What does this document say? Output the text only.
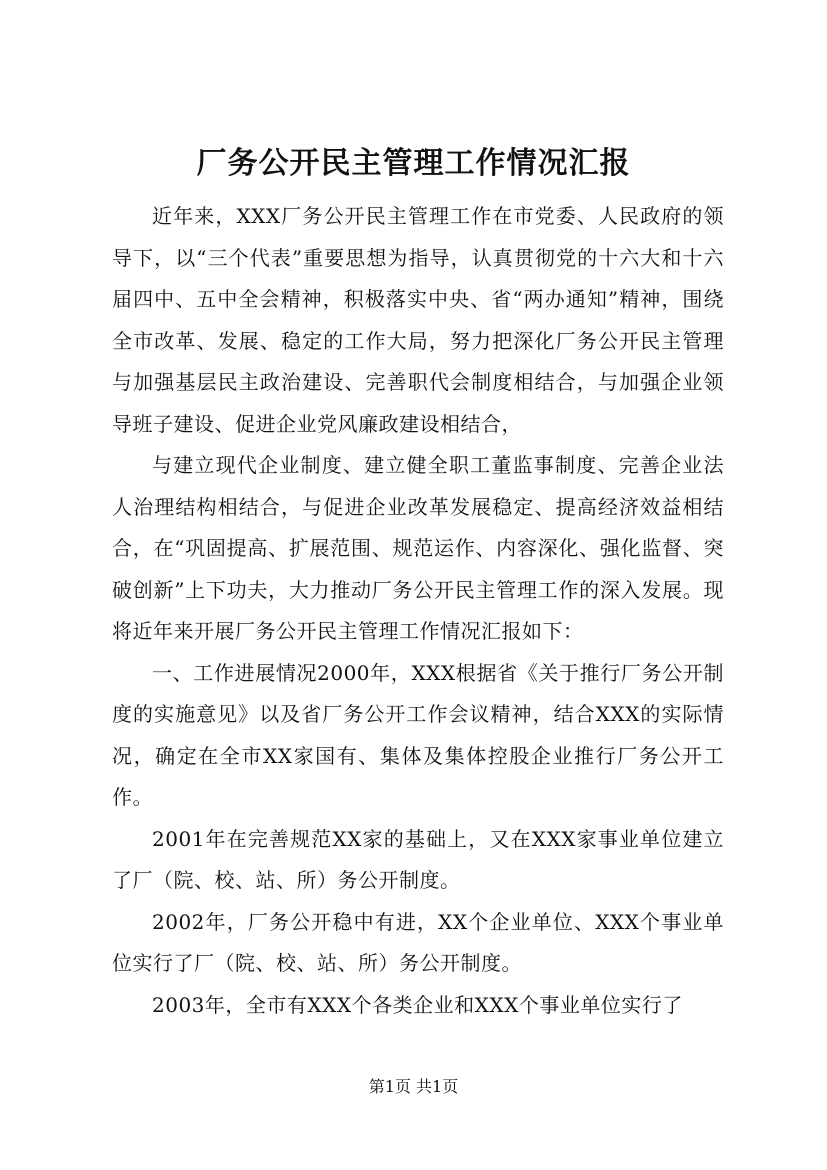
厂务公开民主管理工作情况汇报

近年来，XXX厂务公开民主管理工作在市党委、人民政府的领导下，以“三个代表”重要思想为指导，认真贯彻党的十六大和十六届四中、五中全会精神，积极落实中央、省“两办通知”精神，围绕全市改革、发展、稳定的工作大局，努力把深化厂务公开民主管理与加强基层民主政治建设、完善职代会制度相结合，与加强企业领导班子建设、促进企业党风廉政建设相结合，

与建立现代企业制度、建立健全职工董监事制度、完善企业法人治理结构相结合，与促进企业改革发展稳定、提高经济效益相结合，在“巩固提高、扩展范围、规范运作、内容深化、强化监督、突破创新”上下功夫，大力推动厂务公开民主管理工作的深入发展。现将近年来开展厂务公开民主管理工作情况汇报如下：

一、工作进展情况2000年，XXX根据省《关于推行厂务公开制度的实施意见》以及省厂务公开工作会议精神，结合XXX的实际情况，确定在全市XX家国有、集体及集体控股企业推行厂务公开工作。

2001年在完善规范XX家的基础上，又在XXX家事业单位建立了厂（院、校、站、所）务公开制度。

2002年，厂务公开稳中有进，XX个企业单位、XXX个事业单位实行了厂（院、校、站、所）务公开制度。

2003年，全市有XXX个各类企业和XXX个事业单位实行了

第1页 共1页
